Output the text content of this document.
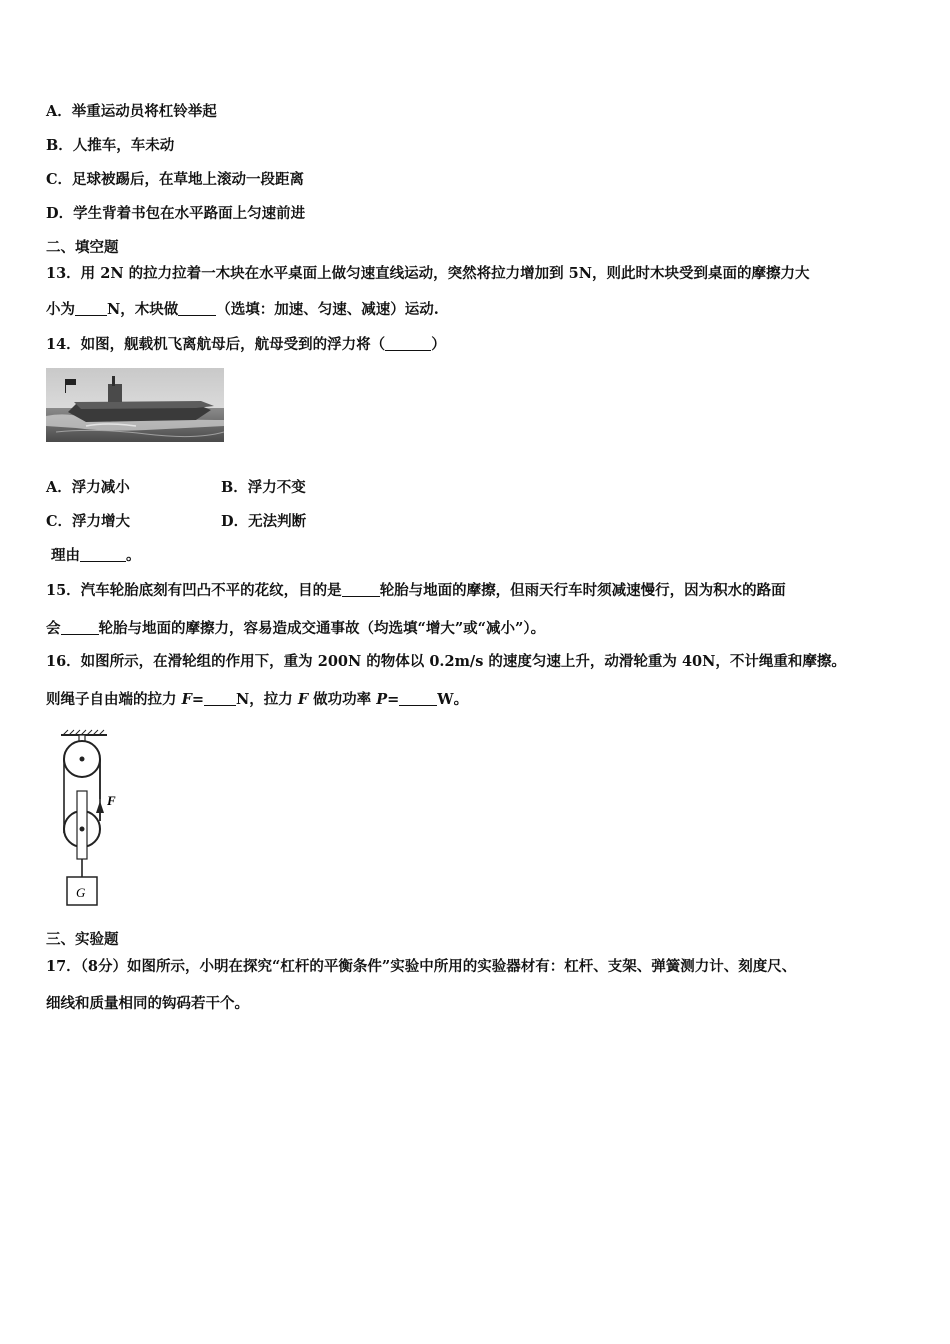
A．举重运动员将杠铃举起
B．人推车，车未动
C．足球被踢后，在草地上滚动一段距离
D．学生背着书包在水平路面上匀速前进
二、填空题
13．用 2N 的拉力拉着一木块在水平桌面上做匀速直线运动，突然将拉力增加到 5N，则此时木块受到桌面的摩擦力大
小为 N，木块做	（选填：加速、匀速、减速）运动.
14．如图，舰载机飞离航母后，航母受到的浮力将（	）
A．浮力减小	B．浮力不变
C．浮力增大	D．无法判断
理由	。
15．汽车轮胎底刻有凹凸不平的花纹，目的是	轮胎与地面的摩擦，但雨天行车时须减速慢行，因为积水的路面
会	轮胎与地面的摩擦力，容易造成交通事故（均选填“增大”或“减小”）。
16．如图所示，在滑轮组的作用下，重为 200N 的物体以 0.2m/s 的速度匀速上升，动滑轮重为 40N，不计绳重和摩擦。
则绳子自由端的拉力 F= N，拉力 F 做功功率 P=	W。
F
G
三、实验题
17．（8分）如图所示，小明在探究“杠杆的平衡条件”实验中所用的实验器材有：杠杆、支架、弹簧测力计、刻度尺、
细线和质量相同的钩码若干个。
